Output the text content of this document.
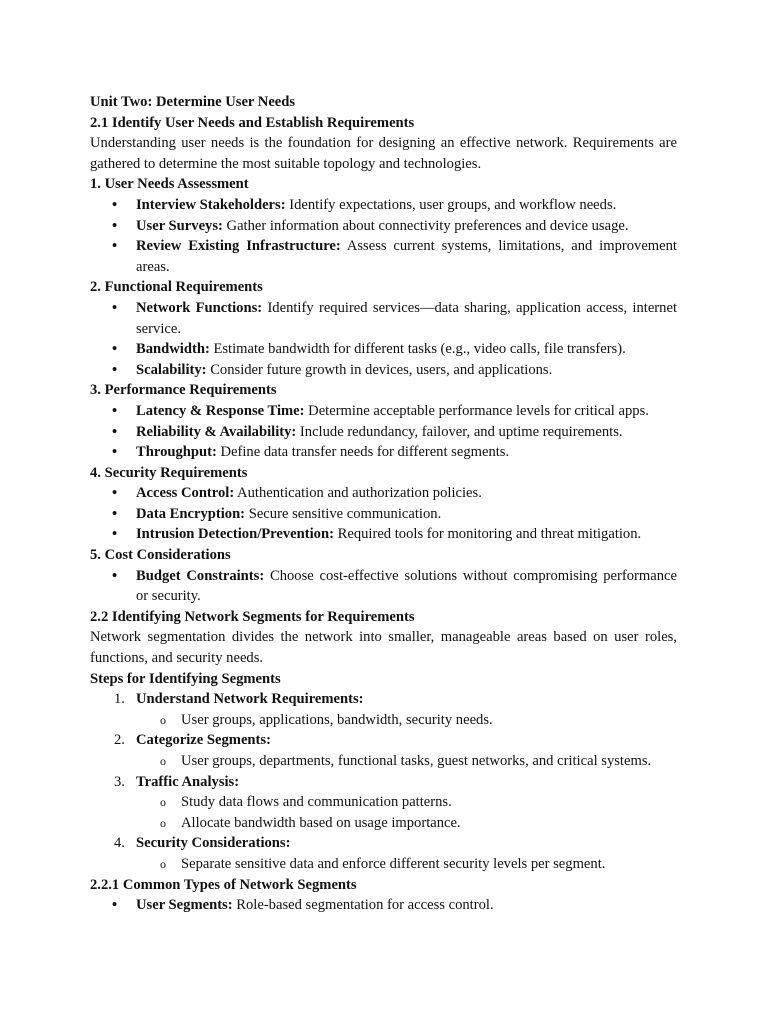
Unit Two: Determine User Needs
2.1 Identify User Needs and Establish Requirements
Understanding user needs is the foundation for designing an effective network. Requirements are gathered to determine the most suitable topology and technologies.
1. User Needs Assessment
• Interview Stakeholders: Identify expectations, user groups, and workflow needs.
• User Surveys: Gather information about connectivity preferences and device usage.
• Review Existing Infrastructure: Assess current systems, limitations, and improvement areas.
2. Functional Requirements
• Network Functions: Identify required services—data sharing, application access, internet service.
• Bandwidth: Estimate bandwidth for different tasks (e.g., video calls, file transfers).
• Scalability: Consider future growth in devices, users, and applications.
3. Performance Requirements
• Latency & Response Time: Determine acceptable performance levels for critical apps.
• Reliability & Availability: Include redundancy, failover, and uptime requirements.
• Throughput: Define data transfer needs for different segments.
4. Security Requirements
• Access Control: Authentication and authorization policies.
• Data Encryption: Secure sensitive communication.
• Intrusion Detection/Prevention: Required tools for monitoring and threat mitigation.
5. Cost Considerations
• Budget Constraints: Choose cost-effective solutions without compromising performance or security.
2.2 Identifying Network Segments for Requirements
Network segmentation divides the network into smaller, manageable areas based on user roles, functions, and security needs.
Steps for Identifying Segments
1. Understand Network Requirements:
o User groups, applications, bandwidth, security needs.
2. Categorize Segments:
o User groups, departments, functional tasks, guest networks, and critical systems.
3. Traffic Analysis:
o Study data flows and communication patterns.
o Allocate bandwidth based on usage importance.
4. Security Considerations:
o Separate sensitive data and enforce different security levels per segment.
2.2.1 Common Types of Network Segments
• User Segments: Role-based segmentation for access control.
